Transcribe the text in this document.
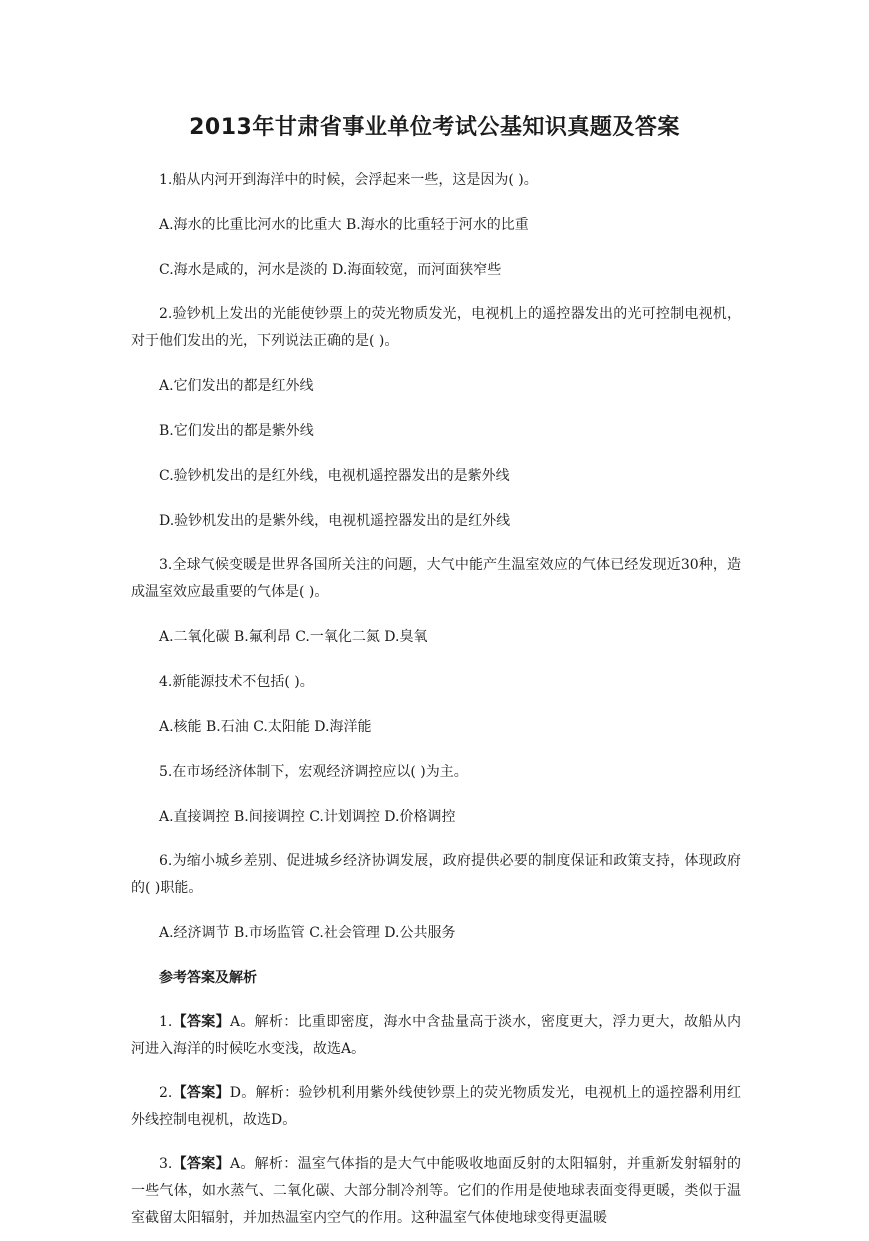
2013年甘肃省事业单位考试公基知识真题及答案

1.船从内河开到海洋中的时候，会浮起来一些，这是因为( )。

A.海水的比重比河水的比重大 B.海水的比重轻于河水的比重

C.海水是咸的，河水是淡的 D.海面较宽，而河面狭窄些

2.验钞机上发出的光能使钞票上的荧光物质发光，电视机上的遥控器发出的光可控制电视机，对于他们发出的光，下列说法正确的是( )。

A.它们发出的都是红外线

B.它们发出的都是紫外线

C.验钞机发出的是红外线，电视机遥控器发出的是紫外线

D.验钞机发出的是紫外线，电视机遥控器发出的是红外线

3.全球气候变暖是世界各国所关注的问题，大气中能产生温室效应的气体已经发现近30种，造成温室效应最重要的气体是( )。

A.二氧化碳 B.氟利昂 C.一氧化二氮 D.臭氧

4.新能源技术不包括( )。

A.核能 B.石油 C.太阳能 D.海洋能

5.在市场经济体制下，宏观经济调控应以( )为主。

A.直接调控 B.间接调控 C.计划调控 D.价格调控

6.为缩小城乡差别、促进城乡经济协调发展，政府提供必要的制度保证和政策支持，体现政府的( )职能。

A.经济调节 B.市场监管 C.社会管理 D.公共服务

参考答案及解析

1.【答案】A。解析：比重即密度，海水中含盐量高于淡水，密度更大，浮力更大，故船从内河进入海洋的时候吃水变浅，故选A。

2.【答案】D。解析：验钞机利用紫外线使钞票上的荧光物质发光，电视机上的遥控器利用红外线控制电视机，故选D。

3.【答案】A。解析：温室气体指的是大气中能吸收地面反射的太阳辐射，并重新发射辐射的一些气体，如水蒸气、二氧化碳、大部分制冷剂等。它们的作用是使地球表面变得更暖，类似于温室截留太阳辐射，并加热温室内空气的作用。这种温室气体使地球变得更温暖
